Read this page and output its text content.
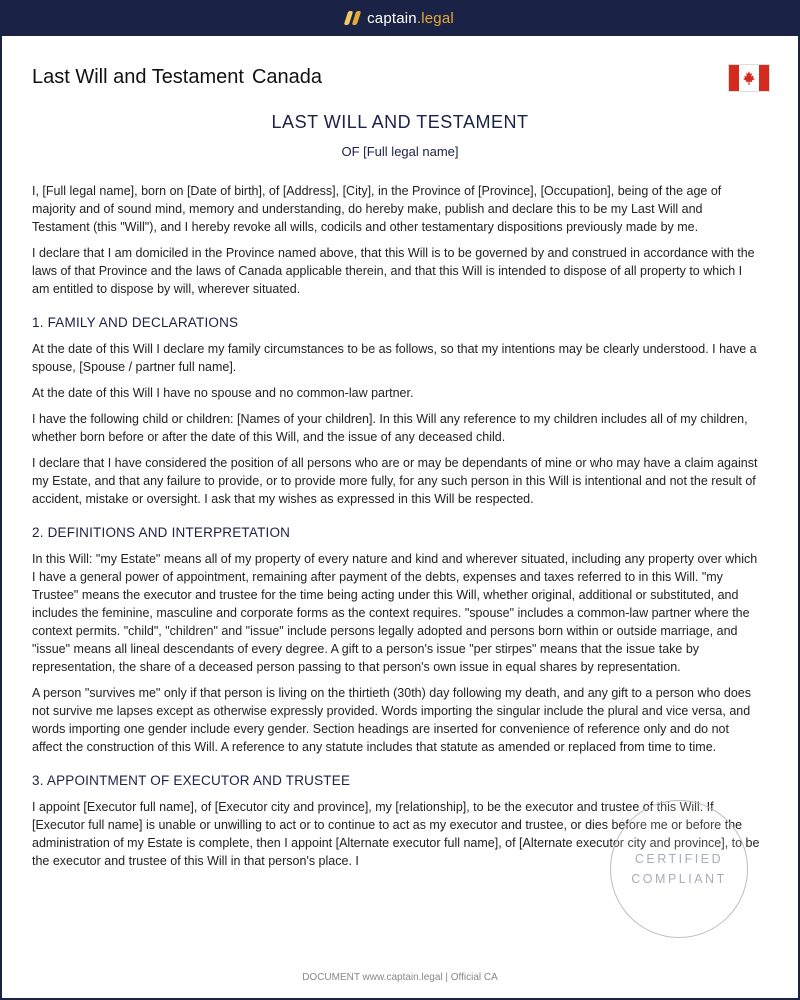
captain.legal
Last Will and Testament Canada
LAST WILL AND TESTAMENT
OF [Full legal name]

I, [Full legal name], born on [Date of birth], of [Address], [City], in the Province of [Province], [Occupation], being of the age of majority and of sound mind, memory and understanding, do hereby make, publish and declare this to be my Last Will and Testament (this "Will"), and I hereby revoke all wills, codicils and other testamentary dispositions previously made by me.

I declare that I am domiciled in the Province named above, that this Will is to be governed by and construed in accordance with the laws of that Province and the laws of Canada applicable therein, and that this Will is intended to dispose of all property to which I am entitled to dispose by will, wherever situated.

1. FAMILY AND DECLARATIONS

At the date of this Will I declare my family circumstances to be as follows, so that my intentions may be clearly understood. I have a spouse, [Spouse / partner full name].

At the date of this Will I have no spouse and no common-law partner.

I have the following child or children: [Names of your children]. In this Will any reference to my children includes all of my children, whether born before or after the date of this Will, and the issue of any deceased child.

I declare that I have considered the position of all persons who are or may be dependants of mine or who may have a claim against my Estate, and that any failure to provide, or to provide more fully, for any such person in this Will is intentional and not the result of accident, mistake or oversight. I ask that my wishes as expressed in this Will be respected.

2. DEFINITIONS AND INTERPRETATION

In this Will: "my Estate" means all of my property of every nature and kind and wherever situated, including any property over which I have a general power of appointment, remaining after payment of the debts, expenses and taxes referred to in this Will. "my Trustee" means the executor and trustee for the time being acting under this Will, whether original, additional or substituted, and includes the feminine, masculine and corporate forms as the context requires. "spouse" includes a common-law partner where the context permits. "child", "children" and "issue" include persons legally adopted and persons born within or outside marriage, and "issue" means all lineal descendants of every degree. A gift to a person's issue "per stirpes" means that the issue take by representation, the share of a deceased person passing to that person's own issue in equal shares by representation.

A person "survives me" only if that person is living on the thirtieth (30th) day following my death, and any gift to a person who does not survive me lapses except as otherwise expressly provided. Words importing the singular include the plural and vice versa, and words importing one gender include every gender. Section headings are inserted for convenience of reference only and do not affect the construction of this Will. A reference to any statute includes that statute as amended or replaced from time to time.

3. APPOINTMENT OF EXECUTOR AND TRUSTEE

I appoint [Executor full name], of [Executor city and province], my [relationship], to be the executor and trustee of this Will. If [Executor full name] is unable or unwilling to act or to continue to act as my executor and trustee, or dies before me or before the administration of my Estate is complete, then I appoint [Alternate executor full name], of [Alternate executor city and province], to be the executor and trustee of this Will in that person's place. I	CERTIFIED
COMPLIANT
DOCUMENT www.captain.legal | Official CA
